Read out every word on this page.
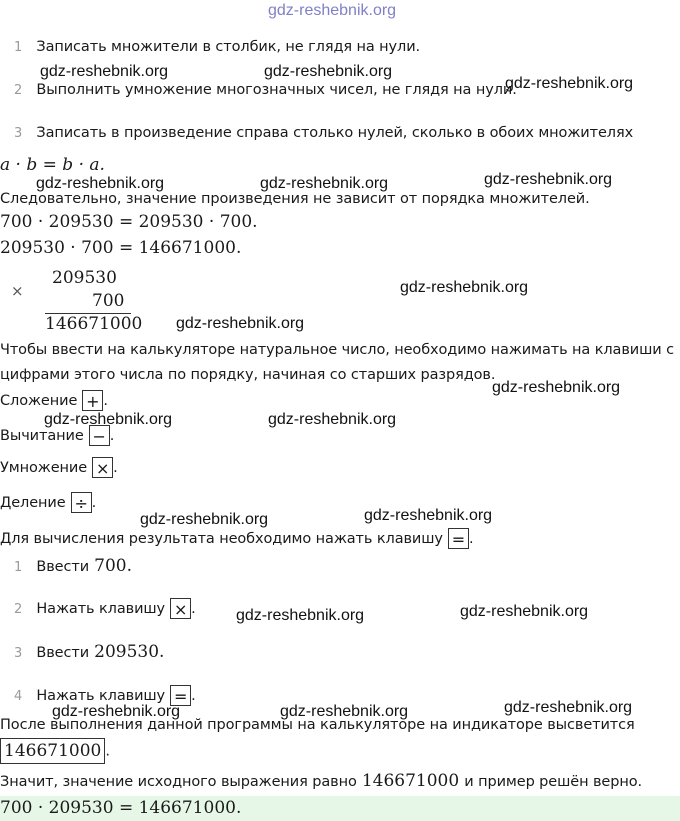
gdz-reshebnik.org
1 Записать множители в столбик, не глядя на нули.
2 Выполнить умножение многозначных чисел, не глядя на нули.
3 Записать в произведение справа столько нулей, сколько в обоих множителях
a · b = b · a.
Следовательно, значение произведения не зависит от порядка множителей.
700 · 209530 = 209530 · 700.
209530 · 700 = 146671000.
×
209530
700
146671000
Чтобы ввести на калькуляторе натуральное число, необходимо нажимать на клавиши с
цифрами этого числа по порядку, начиная со старших разрядов.
Сложение + .
Вычитание − .
Умножение × .
Деление ÷ .
Для вычисления результата необходимо нажать клавишу = .
1 Ввести 700.
2 Нажать клавишу × .
3 Ввести 209530.
4 Нажать клавишу = .
После выполнения данной программы на калькуляторе на индикаторе высветится
146671000 .
Значит, значение исходного выражения равно 146671000 и пример решён верно.
700 · 209530 = 146671000.
gdz-reshebnik.org	gdz-reshebnik.org
gdz-reshebnik.org
gdz-reshebnik.org	gdz-reshebnik.org	gdz-reshebnik.org
gdz-reshebnik.org
gdz-reshebnik.org
gdz-reshebnik.org
gdz-reshebnik.org	gdz-reshebnik.org
gdz-reshebnik.org	gdz-reshebnik.org
gdz-reshebnik.org	gdz-reshebnik.org
gdz-reshebnik.org	gdz-reshebnik.org	gdz-reshebnik.org
